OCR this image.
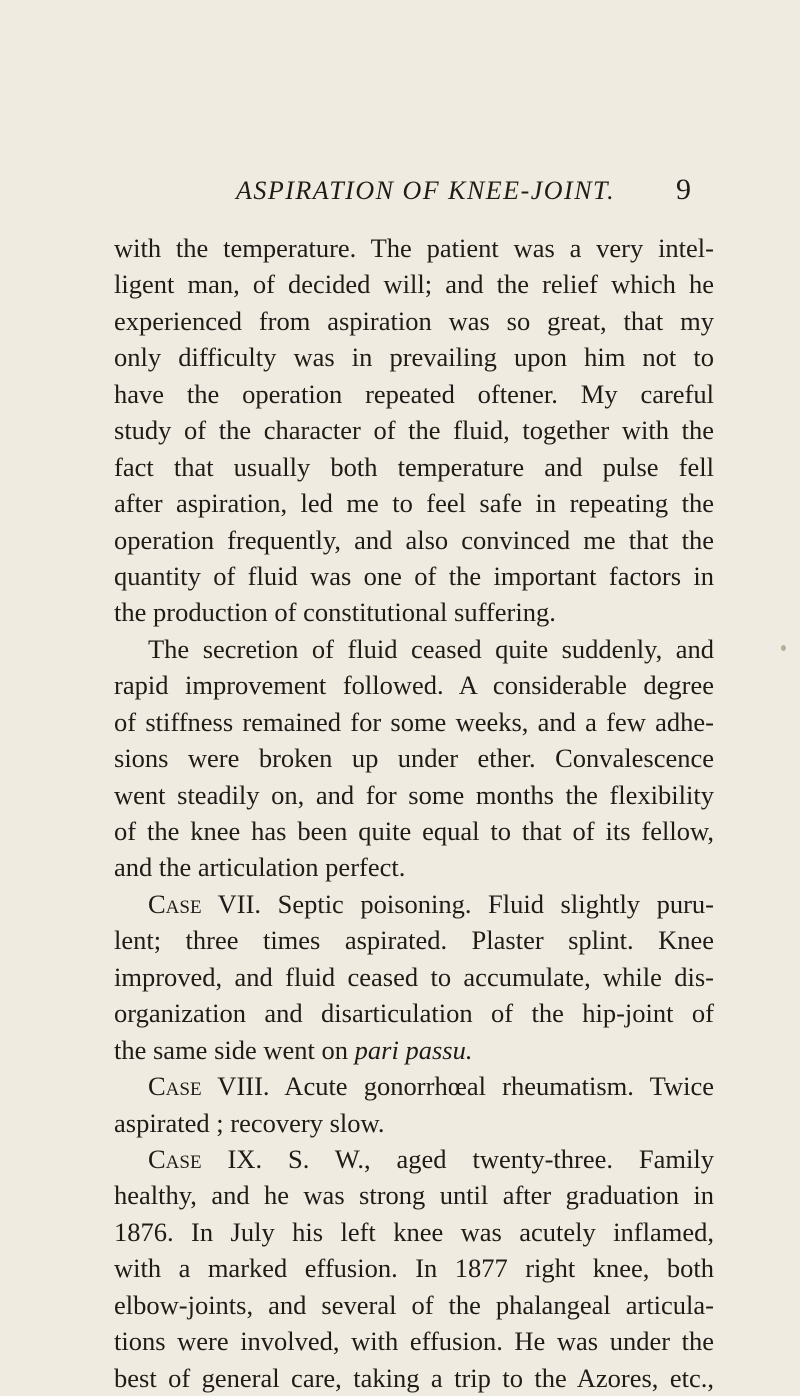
ASPIRATION OF KNEE-JOINT. 9
with the temperature. The patient was a very intel-
ligent man, of decided will; and the relief which he
experienced from aspiration was so great, that my
only difficulty was in prevailing upon him not to
have the operation repeated oftener. My careful
study of the character of the fluid, together with the
fact that usually both temperature and pulse fell
after aspiration, led me to feel safe in repeating the
operation frequently, and also convinced me that the
quantity of fluid was one of the important factors in
the production of constitutional suffering.
The secretion of fluid ceased quite suddenly, and
rapid improvement followed. A considerable degree
of stiffness remained for some weeks, and a few adhe-
sions were broken up under ether. Convalescence
went steadily on, and for some months the flexibility
of the knee has been quite equal to that of its fellow,
and the articulation perfect.
Case VII. Septic poisoning. Fluid slightly puru-
lent; three times aspirated. Plaster splint. Knee
improved, and fluid ceased to accumulate, while dis-
organization and disarticulation of the hip-joint of
the same side went on pari passu.
Case VIII. Acute gonorrhœal rheumatism. Twice
aspirated ; recovery slow.
Case IX. S. W., aged twenty-three. Family
healthy, and he was strong until after graduation in
1876. In July his left knee was acutely inflamed,
with a marked effusion. In 1877 right knee, both
elbow-joints, and several of the phalangeal articula-
tions were involved, with effusion. He was under the
best of general care, taking a trip to the Azores, etc.,
